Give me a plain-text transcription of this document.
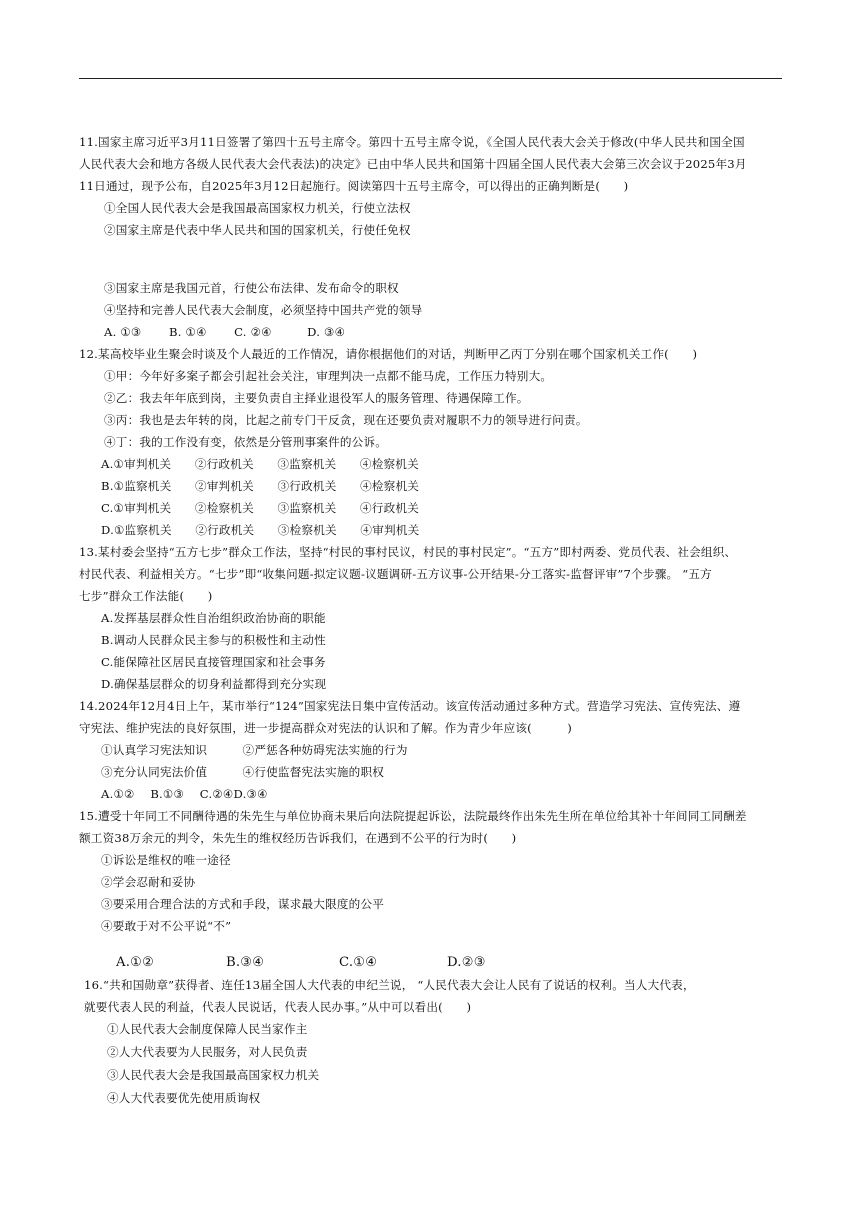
11.国家主席习近平3月11日签署了第四十五号主席令。第四十五号主席令说，《全国人民代表大会关于修改(中华人民共和国全国
人民代表大会和地方各级人民代表大会代表法)的决定》已由中华人民共和国第十四届全国人民代表大会第三次会议于2025年3月
11日通过，现予公布，自2025年3月12日起施行。阅读第四十五号主席令，可以得出的正确判断是(　　)
①全国人民代表大会是我国最高国家权力机关，行使立法权
②国家主席是代表中华人民共和国的国家机关，行使任免权
③国家主席是我国元首，行使公布法律、发布命令的职权
④坚持和完善人民代表大会制度，必须坚持中国共产党的领导
A. ①③　　 B. ①④　　 C. ②④　　　D. ③④
12.某高校毕业生聚会时谈及个人最近的工作情况，请你根据他们的对话，判断甲乙丙丁分别在哪个国家机关工作(　　)
①甲：今年好多案子都会引起社会关注，审理判决一点都不能马虎，工作压力特别大。
②乙：我去年年底到岗，主要负责自主择业退役军人的服务管理、待遇保障工作。
③丙：我也是去年转的岗，比起之前专门干反贪，现在还要负责对履职不力的领导进行问责。
④丁：我的工作没有变，依然是分管刑事案件的公诉。
A.①审判机关　　②行政机关　　③监察机关　　④检察机关
B.①监察机关　　②审判机关　　③行政机关　　④检察机关
C.①审判机关　　②检察机关　　③监察机关　　④行政机关
D.①监察机关　　②行政机关　　③检察机关　　④审判机关
13.某村委会坚持“五方七步”群众工作法，坚持“村民的事村民议，村民的事村民定”。“五方”即村两委、党员代表、社会组织、
村民代表、利益相关方。“七步”即“收集问题-拟定议题-议题调研-五方议事-公开结果-分工落实-监督评审”7个步骤。 “五方
七步”群众工作法能(　　)
A.发挥基层群众性自治组织政治协商的职能
B.调动人民群众民主参与的积极性和主动性
C.能保障社区居民直接管理国家和社会事务
D.确保基层群众的切身利益都得到充分实现
14.2024年12月4日上午，某市举行“124”国家宪法日集中宣传活动。该宣传活动通过多种方式。营造学习宪法、宣传宪法、遵
守宪法、维护宪法的良好氛围，进一步提高群众对宪法的认识和了解。作为青少年应该(　　　)
①认真学习宪法知识　　　②严惩各种妨碍宪法实施的行为
③充分认同宪法价值　　　④行使监督宪法实施的职权
A.①②　 B.①③　 C.②④D.③④
15.遭受十年同工不同酬待遇的朱先生与单位协商未果后向法院提起诉讼，法院最终作出朱先生所在单位给其补十年间同工同酬差
额工资38万余元的判令，朱先生的维权经历告诉我们，在遇到不公平的行为时(　　)
①诉讼是维权的唯一途径
②学会忍耐和妥协
③要采用合理合法的方式和手段，谋求最大限度的公平
④要敢于对不公平说“不”
A.①②	B.③④	C.①④	D.②③
16.“共和国勋章”获得者、连任13届全国人大代表的申纪兰说， “人民代表大会让人民有了说话的权利。当人大代表，
就要代表人民的利益，代表人民说话，代表人民办事。”从中可以看出(　　)
①人民代表大会制度保障人民当家作主
②人大代表要为人民服务，对人民负责
③人民代表大会是我国最高国家权力机关
④人大代表要优先使用质询权
